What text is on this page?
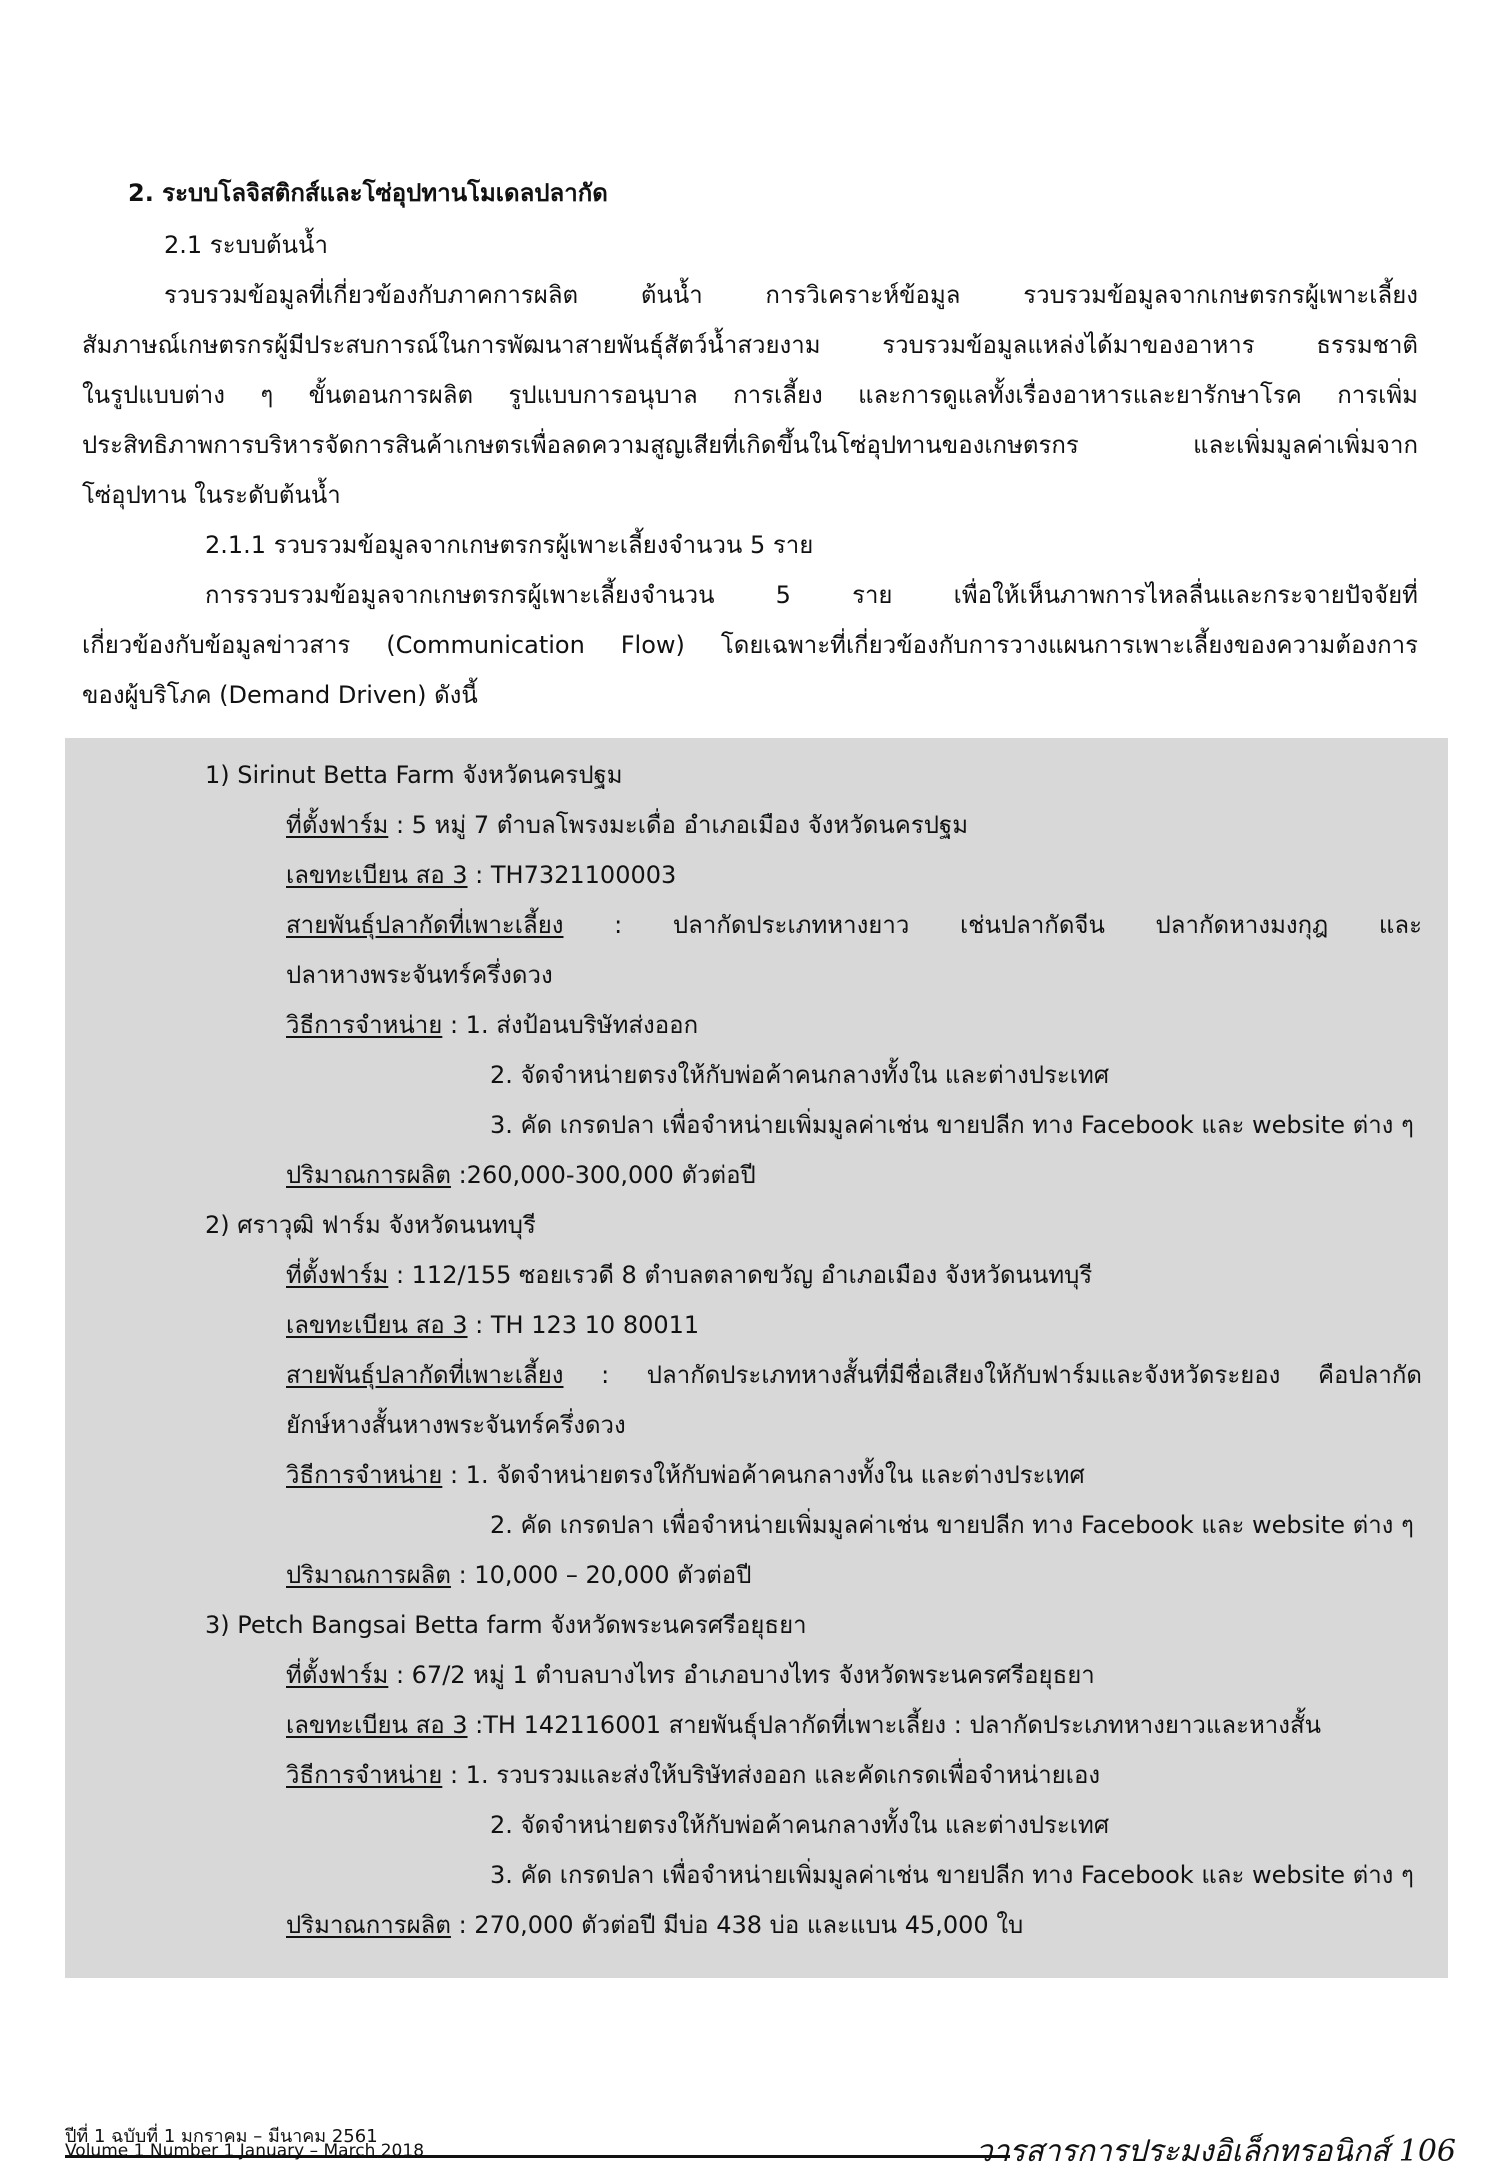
2. ระบบโลจิสติกส์และโซ่อุปทานโมเดลปลากัด
2.1 ระบบต้นน้ำ
รวบรวมข้อมูลที่เกี่ยวข้องกับภาคการผลิต ต้นน้ำ การวิเคราะห์ข้อมูล รวบรวมข้อมูลจากเกษตรกรผู้เพาะเลี้ยง
สัมภาษณ์เกษตรกรผู้มีประสบการณ์ในการพัฒนาสายพันธุ์สัตว์น้ำสวยงาม รวบรวมข้อมูลแหล่งได้มาของอาหาร ธรรมชาติ
ในรูปแบบต่าง ๆ ขั้นตอนการผลิต รูปแบบการอนุบาล การเลี้ยง และการดูแลทั้งเรื่องอาหารและยารักษาโรค การเพิ่ม
ประสิทธิภาพการบริหารจัดการสินค้าเกษตรเพื่อลดความสูญเสียที่เกิดขึ้นในโซ่อุปทานของเกษตรกร และเพิ่มมูลค่าเพิ่มจาก
โซ่อุปทาน ในระดับต้นน้ำ
2.1.1 รวบรวมข้อมูลจากเกษตรกรผู้เพาะเลี้ยงจำนวน 5 ราย
การรวบรวมข้อมูลจากเกษตรกรผู้เพาะเลี้ยงจำนวน 5 ราย เพื่อให้เห็นภาพการไหลลื่นและกระจายปัจจัยที่
เกี่ยวข้องกับข้อมูลข่าวสาร (Communication Flow) โดยเฉพาะที่เกี่ยวข้องกับการวางแผนการเพาะเลี้ยงของความต้องการ
ของผู้บริโภค (Demand Driven) ดังนี้
1) Sirinut Betta Farm จังหวัดนครปฐม
ที่ตั้งฟาร์ม : 5 หมู่ 7 ตำบลโพรงมะเดื่อ อำเภอเมือง จังหวัดนครปฐม
เลขทะเบียน สอ 3 : TH7321100003
สายพันธุ์ปลากัดที่เพาะเลี้ยง : ปลากัดประเภทหางยาว เช่นปลากัดจีน ปลากัดหางมงกุฎ และ
ปลาหางพระจันทร์ครึ่งดวง
วิธีการจำหน่าย : 1. ส่งป้อนบริษัทส่งออก
2. จัดจำหน่ายตรงให้กับพ่อค้าคนกลางทั้งใน และต่างประเทศ
3. คัด เกรดปลา เพื่อจำหน่ายเพิ่มมูลค่าเช่น ขายปลีก ทาง Facebook และ website ต่าง ๆ
ปริมาณการผลิต :260,000-300,000 ตัวต่อปี
2) ศราวุฒิ ฟาร์ม จังหวัดนนทบุรี
ที่ตั้งฟาร์ม : 112/155 ซอยเรวดี 8 ตำบลตลาดขวัญ อำเภอเมือง จังหวัดนนทบุรี
เลขทะเบียน สอ 3 : TH 123 10 80011
สายพันธุ์ปลากัดที่เพาะเลี้ยง : ปลากัดประเภทหางสั้นที่มีชื่อเสียงให้กับฟาร์มและจังหวัดระยอง คือปลากัด
ยักษ์หางสั้นหางพระจันทร์ครึ่งดวง
วิธีการจำหน่าย : 1. จัดจำหน่ายตรงให้กับพ่อค้าคนกลางทั้งใน และต่างประเทศ
2. คัด เกรดปลา เพื่อจำหน่ายเพิ่มมูลค่าเช่น ขายปลีก ทาง Facebook และ website ต่าง ๆ
ปริมาณการผลิต : 10,000 – 20,000 ตัวต่อปี
3) Petch Bangsai Betta farm จังหวัดพระนครศรีอยุธยา
ที่ตั้งฟาร์ม : 67/2 หมู่ 1 ตำบลบางไทร อำเภอบางไทร จังหวัดพระนครศรีอยุธยา
เลขทะเบียน สอ 3 :TH 142116001 สายพันธุ์ปลากัดที่เพาะเลี้ยง : ปลากัดประเภทหางยาวและหางสั้น
วิธีการจำหน่าย : 1. รวบรวมและส่งให้บริษัทส่งออก และคัดเกรดเพื่อจำหน่ายเอง
2. จัดจำหน่ายตรงให้กับพ่อค้าคนกลางทั้งใน และต่างประเทศ
3. คัด เกรดปลา เพื่อจำหน่ายเพิ่มมูลค่าเช่น ขายปลีก ทาง Facebook และ website ต่าง ๆ
ปริมาณการผลิต : 270,000 ตัวต่อปี มีบ่อ 438 บ่อ และแบน 45,000 ใบ
ปีที่ 1 ฉบับที่ 1 มกราคม – มีนาคม 2561
Volume 1 Number 1 January – March 2018	วารสารการประมงอิเล็กทรอนิกส์ 106
